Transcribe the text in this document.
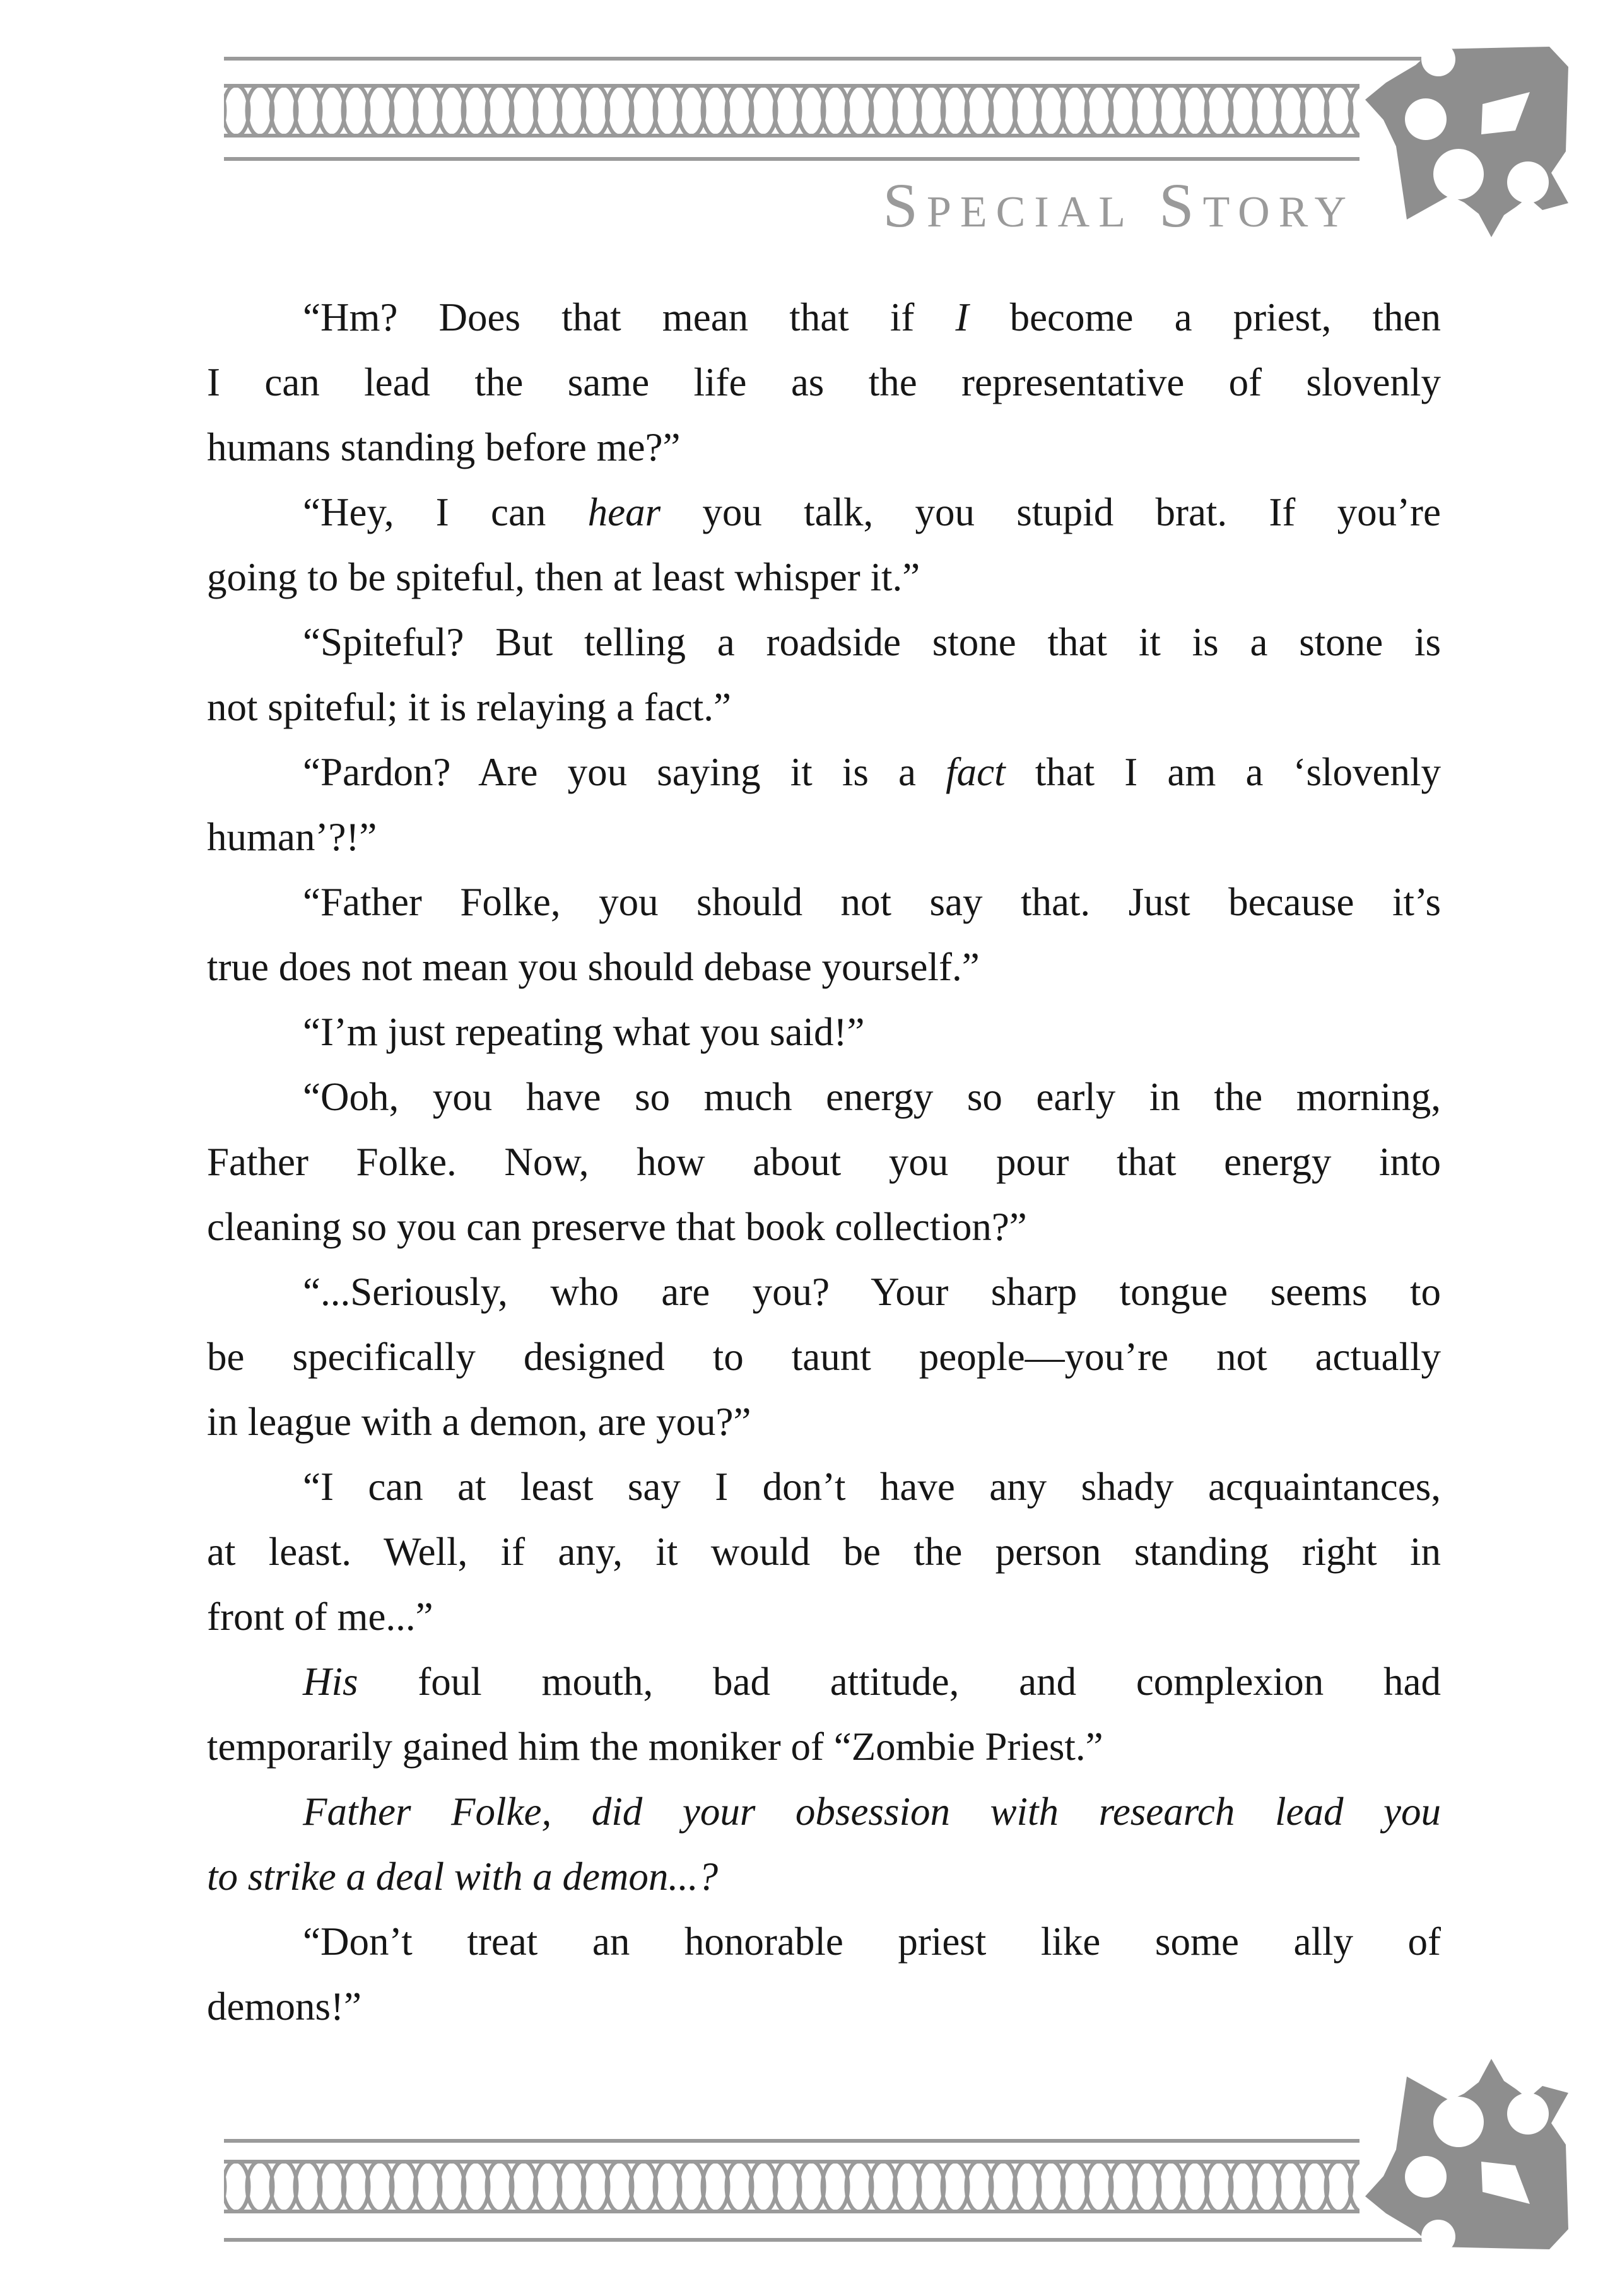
Special Story

“Hm? Does that mean that if I become a priest, then
I can lead the same life as the representative of slovenly
humans standing before me?”

“Hey, I can hear you talk, you stupid brat. If you’re
going to be spiteful, then at least whisper it.”

“Spiteful? But telling a roadside stone that it is a stone is
not spiteful; it is relaying a fact.”

“Pardon? Are you saying it is a fact that I am a ‘slovenly
human’?!”

“Father Folke, you should not say that. Just because it’s
true does not mean you should debase yourself.”

“I’m just repeating what you said!”

“Ooh, you have so much energy so early in the morning,
Father Folke. Now, how about you pour that energy into
cleaning so you can preserve that book collection?”

“...Seriously, who are you? Your sharp tongue seems to
be specifically designed to taunt people—you’re not actually
in league with a demon, are you?”

“I can at least say I don’t have any shady acquaintances,
at least. Well, if any, it would be the person standing right in
front of me...”

His foul mouth, bad attitude, and complexion had
temporarily gained him the moniker of “Zombie Priest.”

Father Folke, did your obsession with research lead you
to strike a deal with a demon...?

“Don’t treat an honorable priest like some ally of
demons!”
